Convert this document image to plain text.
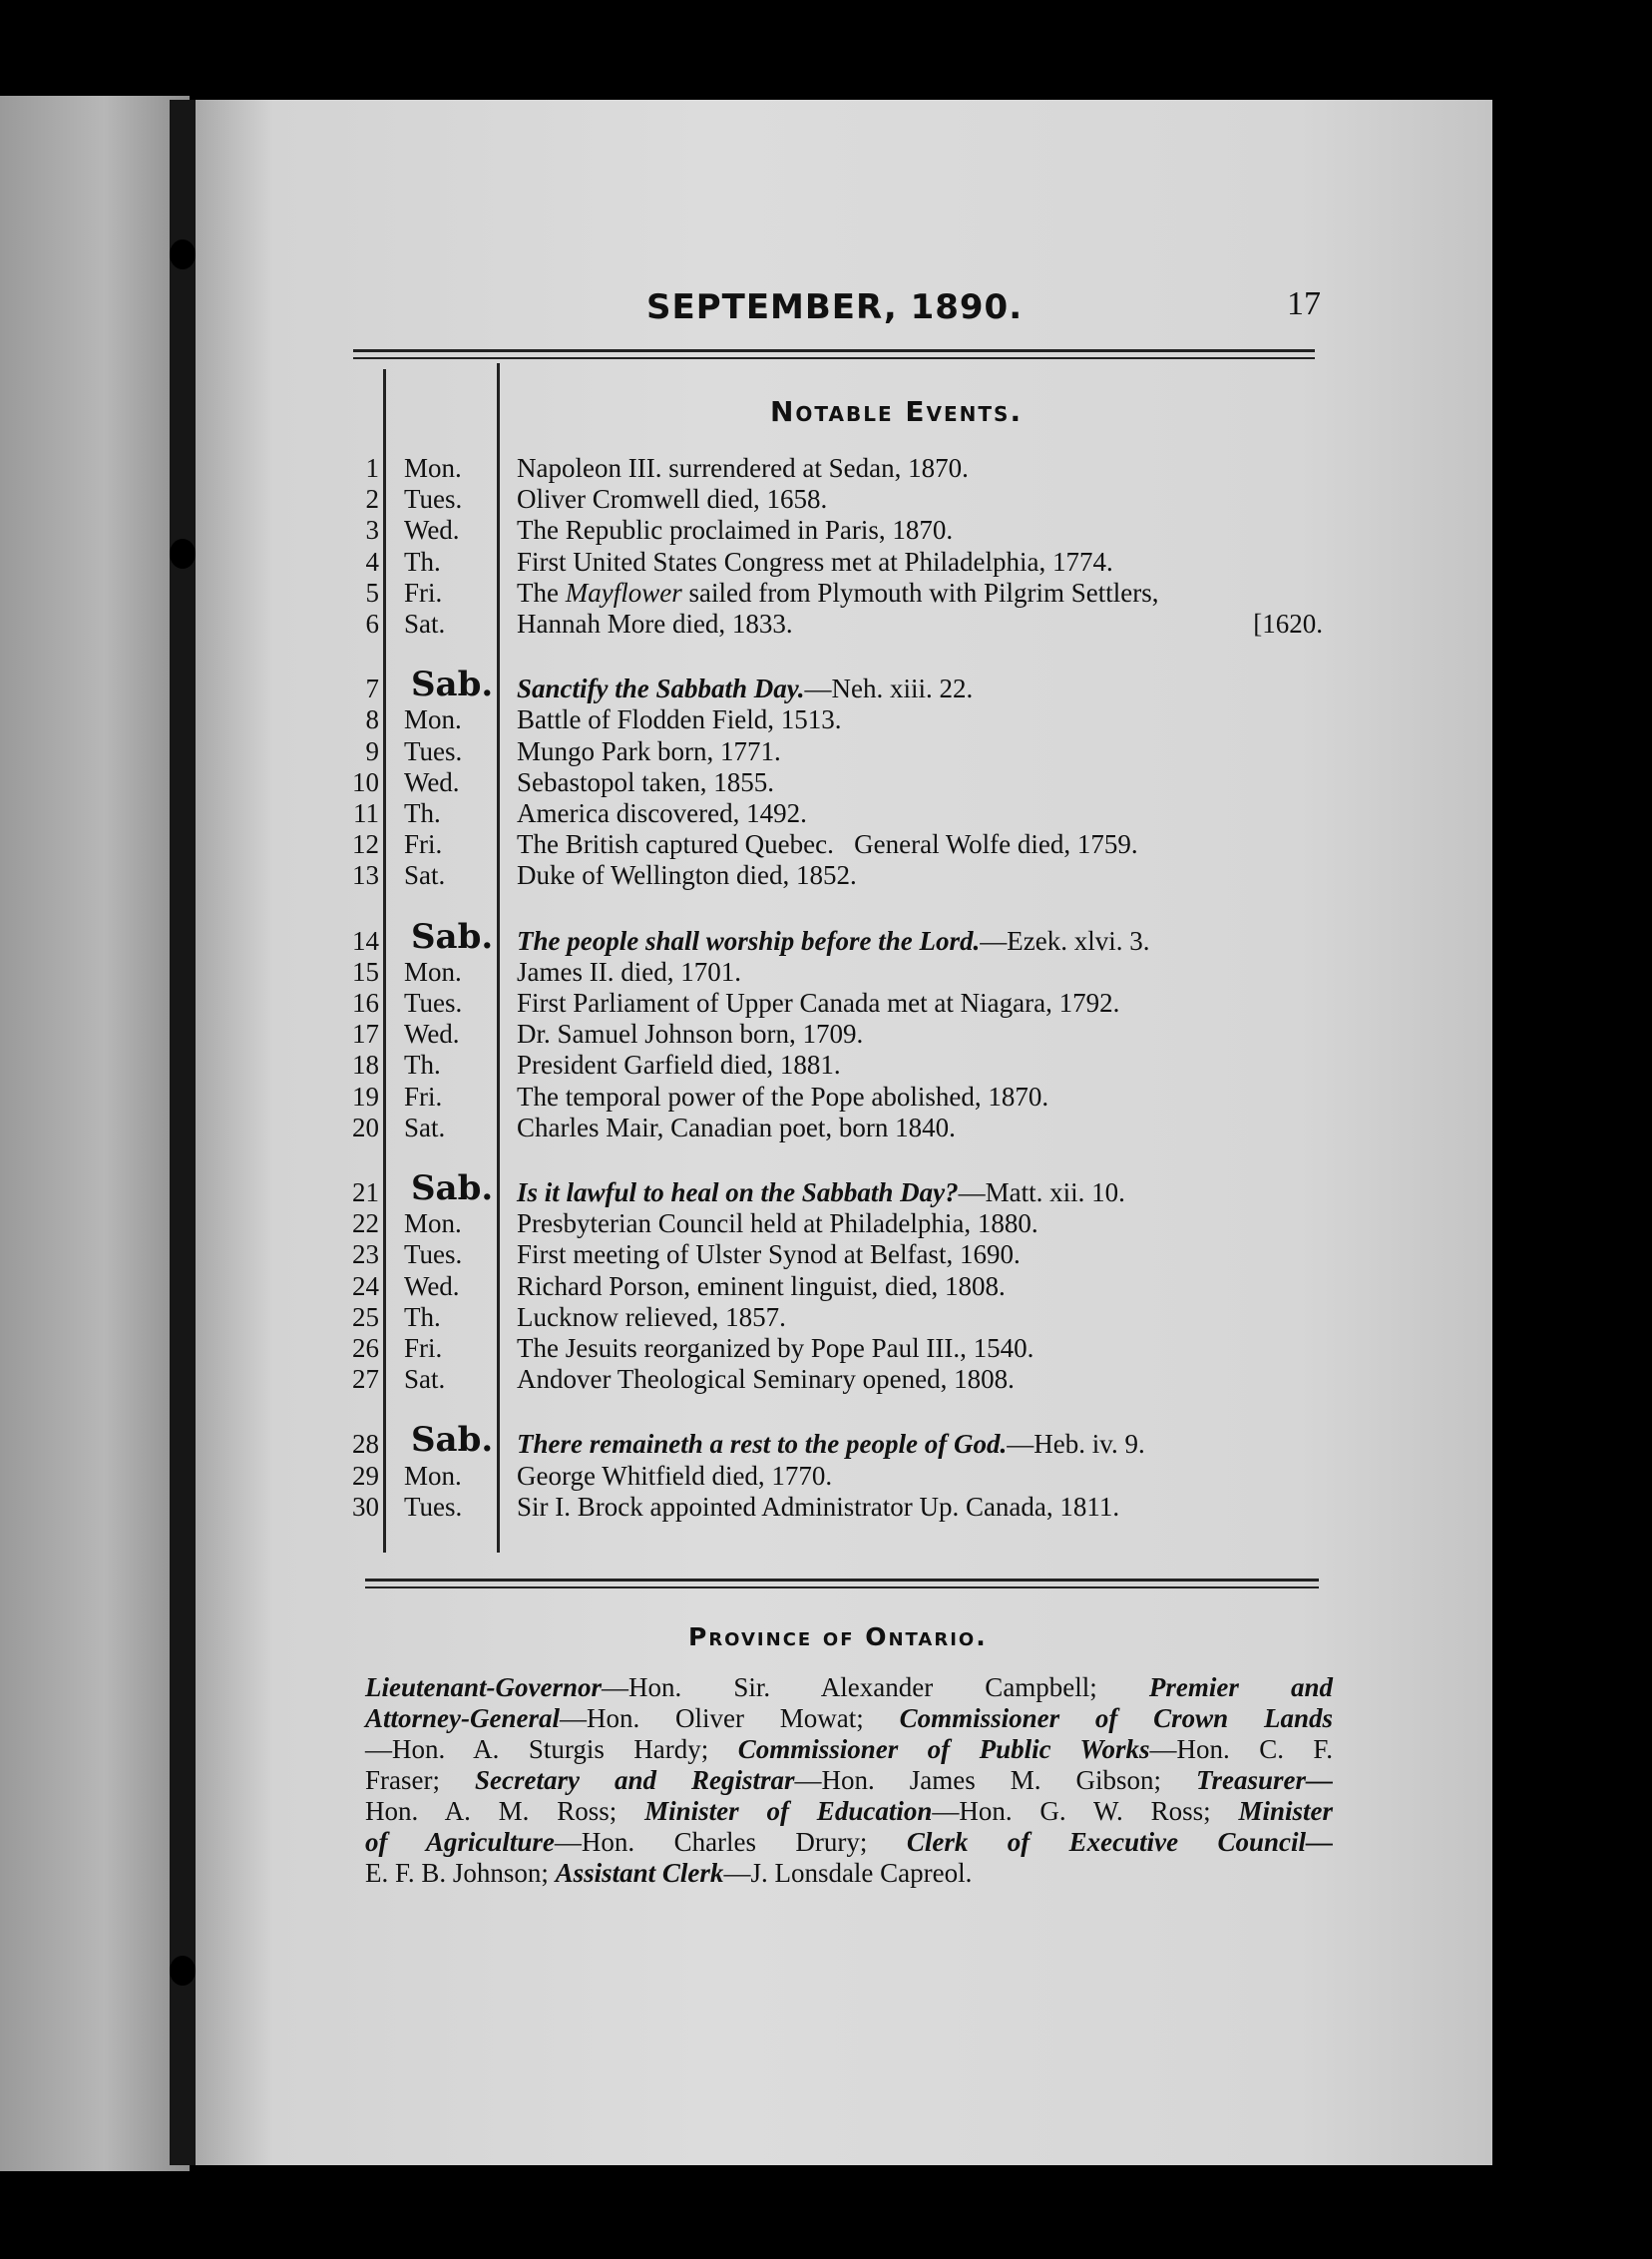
SEPTEMBER, 1890.	17
Notable Events.
1 Mon. Napoleon III. surrendered at Sedan, 1870.
2 Tues. Oliver Cromwell died, 1658.
3 Wed. The Republic proclaimed in Paris, 1870.
4 Th.	First United States Congress met at Philadelphia, 1774.
5 Fri.	The Mayflower sailed from Plymouth with Pilgrim Settlers,
6 Sat.	Hannah More died, 1833.	[1620.
7 Sab. Sanctify the Sabbath Day.—Neh. xiii. 22.
8 Mon. Battle of Flodden Field, 1513.
9 Tues. Mungo Park born, 1771.
10 Wed. Sebastopol taken, 1855.
11 Th.	America discovered, 1492.
12 Fri.	The British captured Quebec.   General Wolfe died, 1759.
13 Sat.	Duke of Wellington died, 1852.
14 Sab. The people shall worship before the Lord.—Ezek. xlvi. 3.
15 Mon. James II. died, 1701.
16 Tues. First Parliament of Upper Canada met at Niagara, 1792.
17 Wed. Dr. Samuel Johnson born, 1709.
18 Th.	President Garfield died, 1881.
19 Fri.	The temporal power of the Pope abolished, 1870.
20 Sat.	Charles Mair, Canadian poet, born 1840.
21 Sab. Is it lawful to heal on the Sabbath Day?—Matt. xii. 10.
22 Mon. Presbyterian Council held at Philadelphia, 1880.
23 Tues. First meeting of Ulster Synod at Belfast, 1690.
24 Wed. Richard Porson, eminent linguist, died, 1808.
25 Th.	Lucknow relieved, 1857.
26 Fri.	The Jesuits reorganized by Pope Paul III., 1540.
27 Sat.	Andover Theological Seminary opened, 1808.
28 Sab. There remaineth a rest to the people of God.—Heb. iv. 9.
29 Mon. George Whitfield died, 1770.
30 Tues. Sir I. Brock appointed Administrator Up. Canada, 1811.
Province of Ontario.
Lieutenant-Governor—Hon. Sir. Alexander Campbell; Premier and
Attorney-General—Hon. Oliver Mowat; Commissioner of Crown Lands
—Hon. A. Sturgis Hardy; Commissioner of Public Works—Hon. C. F.
Fraser; Secretary and Registrar—Hon. James M. Gibson; Treasurer—
Hon. A. M. Ross; Minister of Education—Hon. G. W. Ross; Minister
of Agriculture—Hon. Charles Drury; Clerk of Executive Council—
E. F. B. Johnson; Assistant Clerk—J. Lonsdale Capreol.
